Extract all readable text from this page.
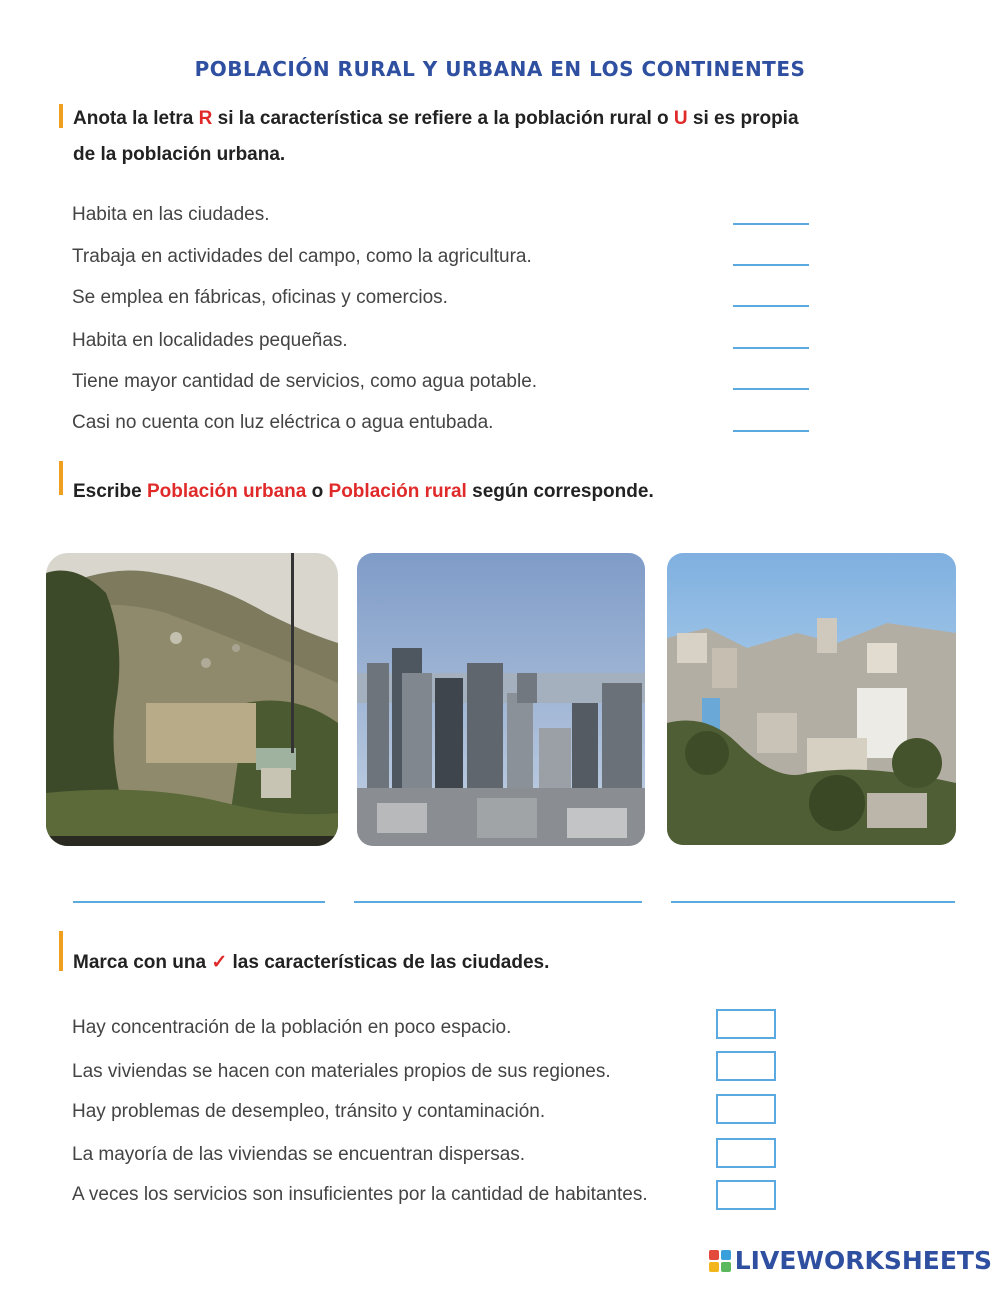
POBLACIÓN RURAL Y URBANA EN LOS CONTINENTES
Anota la letra R si la característica se refiere a la población rural o U si es propia
de la población urbana.
Habita en las ciudades.
Trabaja en actividades del campo, como la agricultura.
Se emplea en fábricas, oficinas y comercios.
Habita en localidades pequeñas.
Tiene mayor cantidad de servicios, como agua potable.
Casi no cuenta con luz eléctrica o agua entubada.
Escribe Población urbana o Población rural según corresponde.
Marca con una ✓ las características de las ciudades.
Hay concentración de la población en poco espacio.
Las viviendas se hacen con materiales propios de sus regiones.
Hay problemas de desempleo, tránsito y contaminación.
La mayoría de las viviendas se encuentran dispersas.
A veces los servicios son insuficientes por la cantidad de habitantes.
LIVEWORKSHEETS
